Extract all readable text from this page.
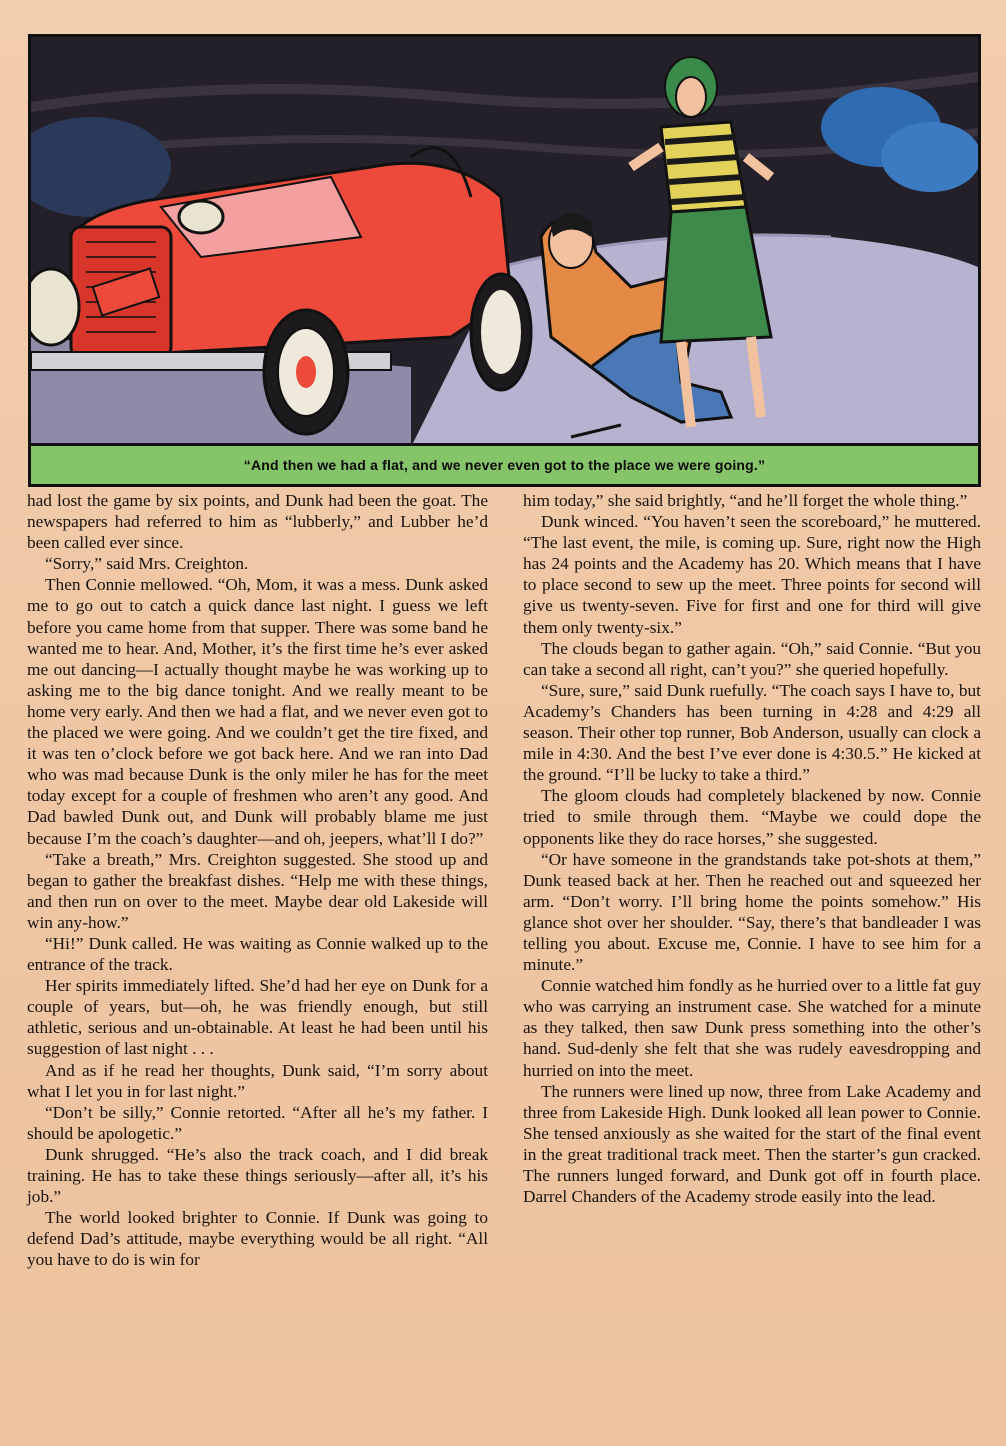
“And then we had a flat, and we never even got to the place we were going.”

had lost the game by six points, and Dunk had been the goat. The newspapers had referred to him as “lubberly,” and Lubber he’d been called ever since.

“Sorry,” said Mrs. Creighton.

Then Connie mellowed. “Oh, Mom, it was a mess. Dunk asked me to go out to catch a quick dance last night. I guess we left before you came home from that supper. There was some band he wanted me to hear. And, Mother, it’s the first time he’s ever asked me out dancing—I actually thought maybe he was working up to asking me to the big dance tonight. And we really meant to be home very early. And then we had a flat, and we never even got to the placed we were going. And we couldn’t get the tire fixed, and it was ten o’clock before we got back here. And we ran into Dad who was mad because Dunk is the only miler he has for the meet today except for a couple of freshmen who aren’t any good. And Dad bawled Dunk out, and Dunk will probably blame me just because I’m the coach’s daughter—and oh, jeepers, what’ll I do?”

“Take a breath,” Mrs. Creighton suggested. She stood up and began to gather the breakfast dishes. “Help me with these things, and then run on over to the meet. Maybe dear old Lakeside will win any-how.”

“Hi!” Dunk called. He was waiting as Connie walked up to the entrance of the track.

Her spirits immediately lifted. She’d had her eye on Dunk for a couple of years, but—oh, he was friendly enough, but still athletic, serious and un-obtainable. At least he had been until his suggestion of last night . . .

And as if he read her thoughts, Dunk said, “I’m sorry about what I let you in for last night.”

“Don’t be silly,” Connie retorted. “After all he’s my father. I should be apologetic.”

Dunk shrugged. “He’s also the track coach, and I did break training. He has to take these things seriously—after all, it’s his job.”

The world looked brighter to Connie. If Dunk was going to defend Dad’s attitude, maybe everything would be all right. “All you have to do is win for

him today,” she said brightly, “and he’ll forget the whole thing.”

Dunk winced. “You haven’t seen the scoreboard,” he muttered. “The last event, the mile, is coming up. Sure, right now the High has 24 points and the Academy has 20. Which means that I have to place second to sew up the meet. Three points for second will give us twenty-seven. Five for first and one for third will give them only twenty-six.”

The clouds began to gather again. “Oh,” said Connie. “But you can take a second all right, can’t you?” she queried hopefully.

“Sure, sure,” said Dunk ruefully. “The coach says I have to, but Academy’s Chanders has been turning in 4:28 and 4:29 all season. Their other top runner, Bob Anderson, usually can clock a mile in 4:30. And the best I’ve ever done is 4:30.5.” He kicked at the ground. “I’ll be lucky to take a third.”

The gloom clouds had completely blackened by now. Connie tried to smile through them. “Maybe we could dope the opponents like they do race horses,” she suggested.

“Or have someone in the grandstands take pot-shots at them,” Dunk teased back at her. Then he reached out and squeezed her arm. “Don’t worry. I’ll bring home the points somehow.” His glance shot over her shoulder. “Say, there’s that bandleader I was telling you about. Excuse me, Connie. I have to see him for a minute.”

Connie watched him fondly as he hurried over to a little fat guy who was carrying an instrument case. She watched for a minute as they talked, then saw Dunk press something into the other’s hand. Sud-denly she felt that she was rudely eavesdropping and hurried on into the meet.

The runners were lined up now, three from Lake Academy and three from Lakeside High. Dunk looked all lean power to Connie. She tensed anxiously as she waited for the start of the final event in the great traditional track meet. Then the starter’s gun cracked. The runners lunged forward, and Dunk got off in fourth place. Darrel Chanders of the Academy strode easily into the lead.
